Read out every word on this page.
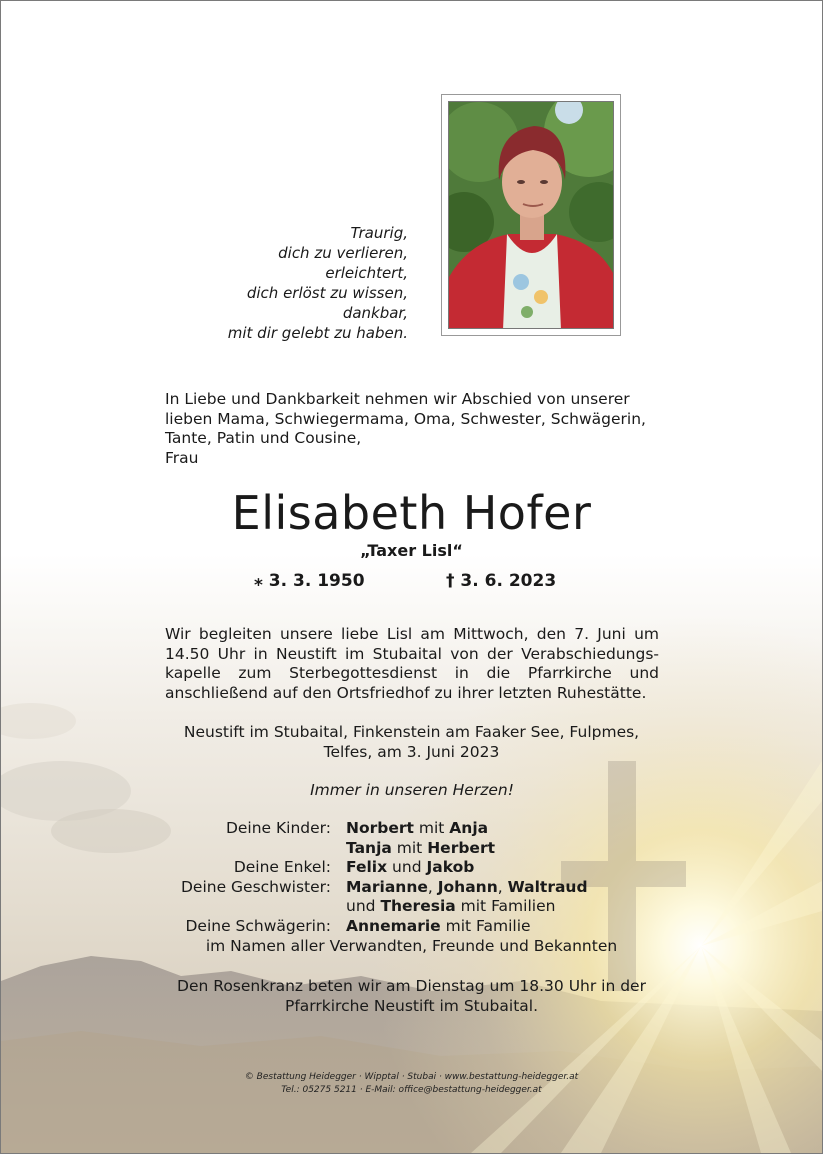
Traurig,
dich zu verlieren,
erleichtert,
dich erlöst zu wissen,
dankbar,
mit dir gelebt zu haben.
In Liebe und Dankbarkeit nehmen wir Abschied von unserer
lieben Mama, Schwiegermama, Oma, Schwester, Schwägerin,
Tante, Patin und Cousine,
Frau
Elisabeth Hofer
„Taxer Lisl“
⁎ 3. 3. 1950	† 3. 6. 2023
Wir begleiten unsere liebe Lisl am Mittwoch, den 7. Juni um 14.50 Uhr in Neustift im Stubaital von der Verabschiedungskapelle zum Sterbegottesdienst in die Pfarrkirche und anschließend auf den Ortsfriedhof zu ihrer letzten Ruhestätte.
Neustift im Stubaital, Finkenstein am Faaker See, Fulpmes,
Telfes, am 3. Juni 2023
Immer in unseren Herzen!
Deine Kinder: Norbert mit Anja
Tanja mit Herbert
Deine Enkel: Felix und Jakob
Deine Geschwister: Marianne, Johann, Waltraud
und Theresia mit Familien
Deine Schwägerin: Annemarie mit Familie
im Namen aller Verwandten, Freunde und Bekannten
Den Rosenkranz beten wir am Dienstag um 18.30 Uhr in der
Pfarrkirche Neustift im Stubaital.
© Bestattung Heidegger · Wipptal · Stubai · www.bestattung-heidegger.at
Tel.: 05275 5211 · E-Mail: office@bestattung-heidegger.at
